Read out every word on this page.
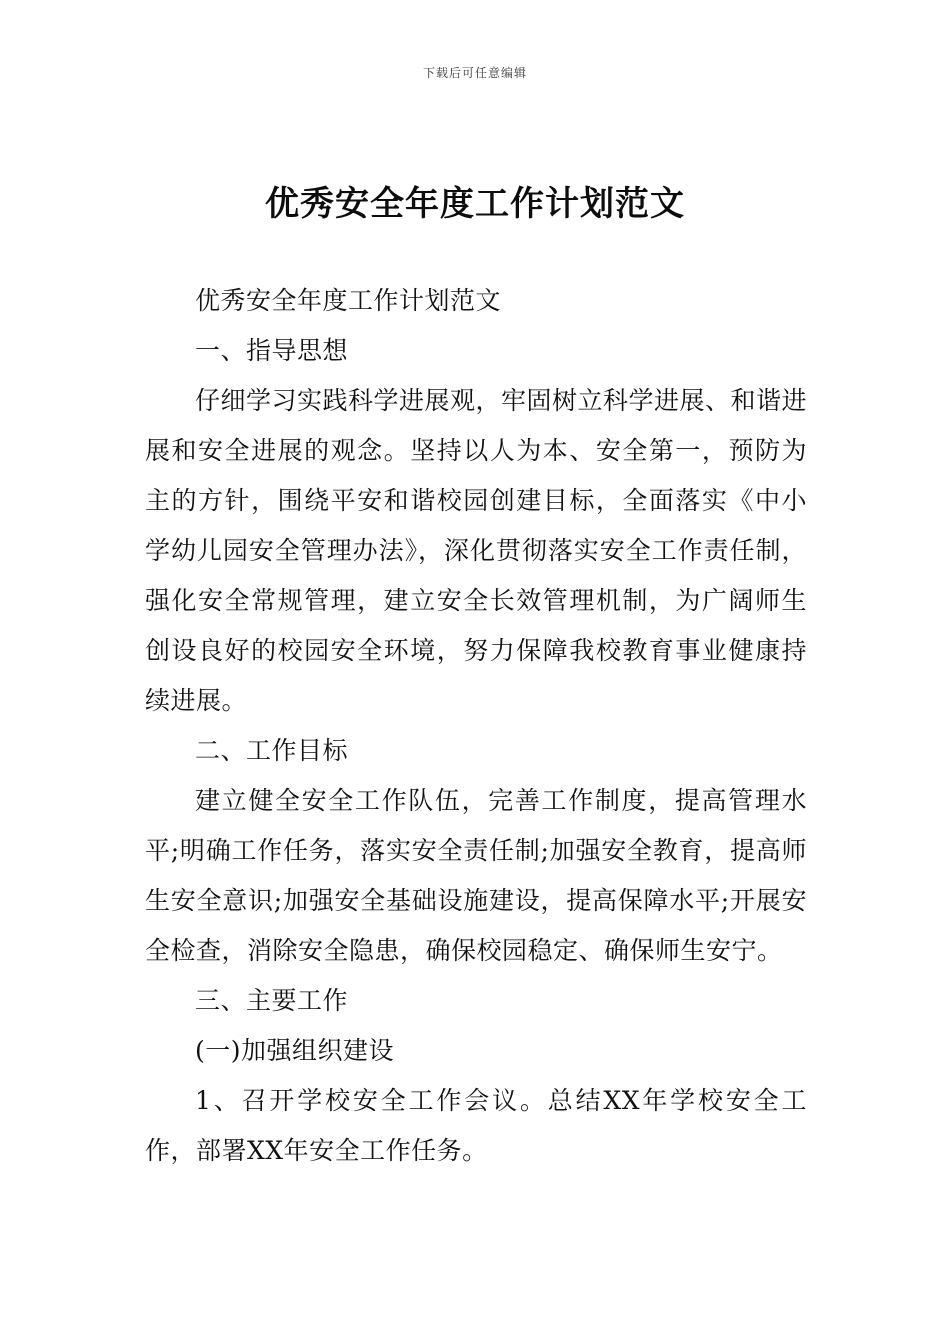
下载后可任意编辑
优秀安全年度工作计划范文

优秀安全年度工作计划范文

一、指导思想

仔细学习实践科学进展观，牢固树立科学进展、和谐进展和安全进展的观念。坚持以人为本、安全第一，预防为主的方针，围绕平安和谐校园创建目标，全面落实《中小学幼儿园安全管理办法》，深化贯彻落实安全工作责任制，强化安全常规管理，建立安全长效管理机制，为广阔师生创设良好的校园安全环境，努力保障我校教育事业健康持续进展。

二、工作目标

建立健全安全工作队伍，完善工作制度，提高管理水平;明确工作任务，落实安全责任制;加强安全教育，提高师生安全意识;加强安全基础设施建设，提高保障水平;开展安全检查，消除安全隐患，确保校园稳定、确保师生安宁。

三、主要工作

(一)加强组织建设

1、召开学校安全工作会议。总结XX年学校安全工作，部署XX年安全工作任务。
